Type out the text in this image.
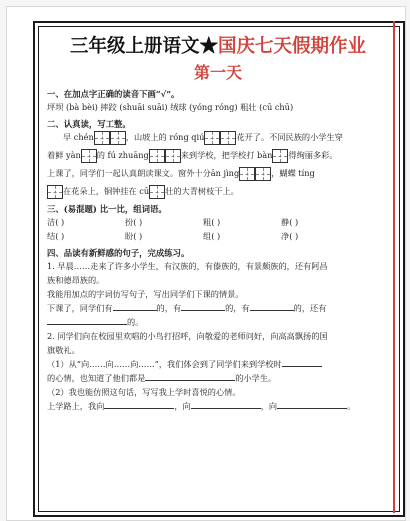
三年级上册语文★国庆七天假期作业
第一天
一、在加点字正确的读音下画“√”。
坪坝 (bà bèi) 摔跤 (shuāi suāi) 绒球 (yóng róng) 粗壮 (cū chū)
二、认真读，写工整。
早 chén	，山坡上的 róng qiú	花开了。不同民族的小学生穿
着鲜 yàn 的 fú zhuāng	来到学校，把学校打 bàn 得绚丽多彩。
上课了，同学们一起认真朗读课文。窗外十分ān jìng	，蝴蝶 tíng
在花朵上，铜钟挂在 cū 壮的大青树枝干上。
三、(易混题) 比一比，组词语。
洁( )	扮( )	粗( )	静( )
结( )	盼( )	组( )	净( )
四、品读有新鲜感的句子，完成练习。
1. 早晨……走来了许多小学生，有汉族的，有傣族的，有景颇族的，还有阿昌
族和德昂族的。
我能用加点的字词仿写句子，写出同学们下课的情景。
下课了，同学们有	的，有	的，有	的，还有
的。
2. 同学们向在校园里欢唱的小鸟打招呼，向敬爱的老师问好，向高高飘扬的国
旗敬礼。
（1）从“向……向……向……”，我们体会到了同学们来到学校时
的心情，也知道了他们都是	的小学生。
（2）我也能仿照这句话，写写我上学时喜悦的心情。
上学路上，我向	，向	，向	。
